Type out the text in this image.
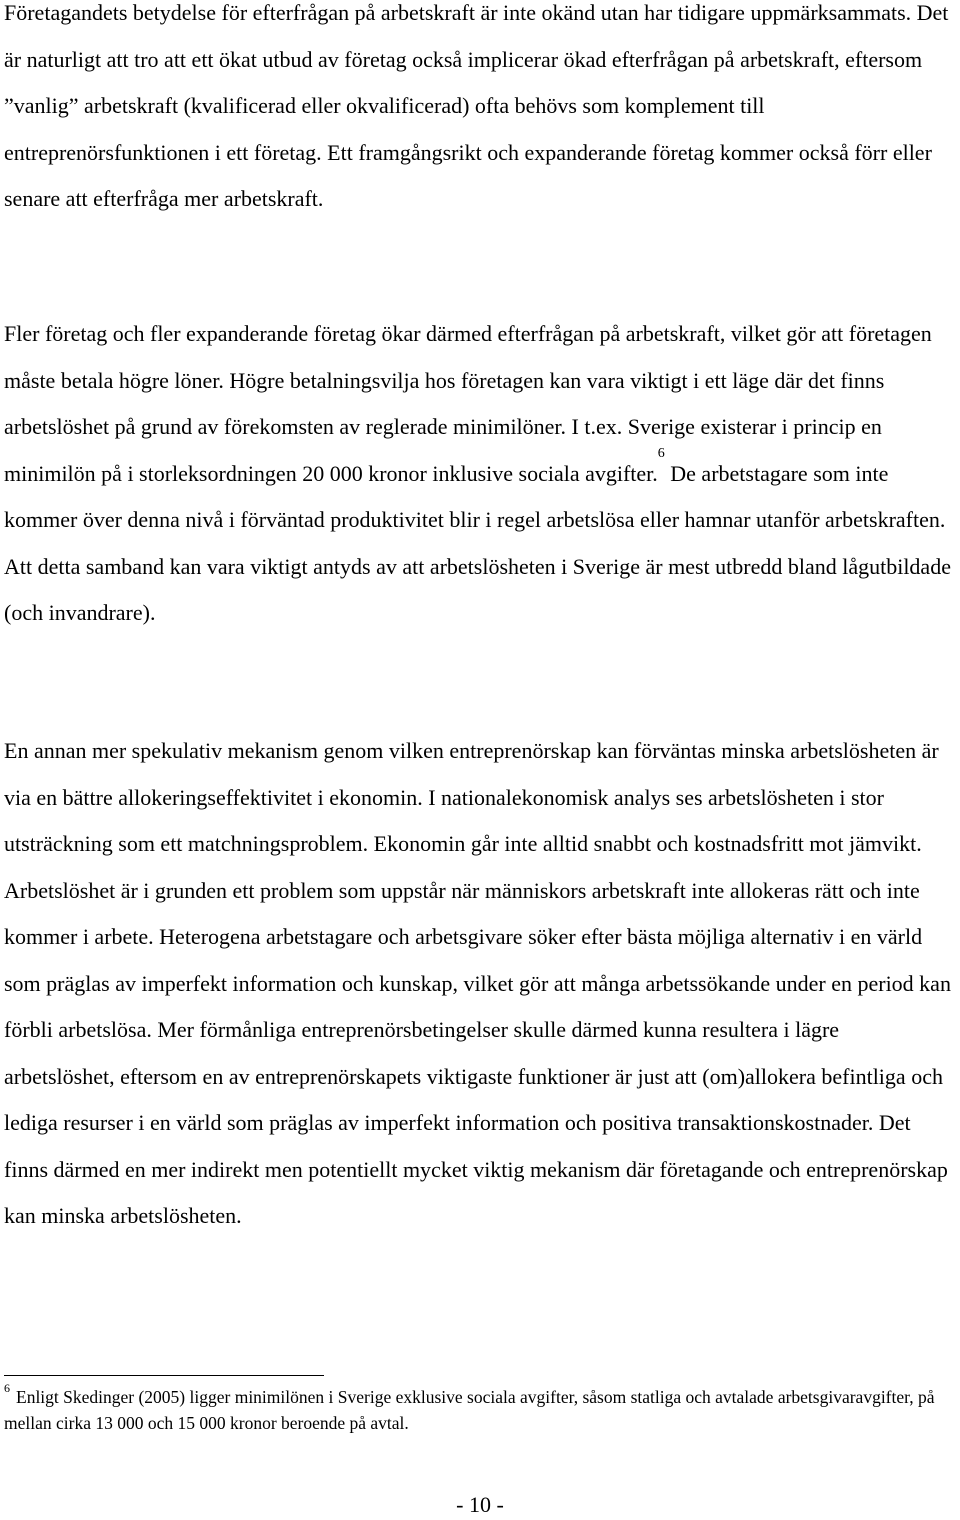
Företagandets betydelse för efterfrågan på arbetskraft är inte okänd utan har tidigare uppmärksammats. Det är naturligt att tro att ett ökat utbud av företag också implicerar ökad efterfrågan på arbetskraft, eftersom ”vanlig” arbetskraft (kvalificerad eller okvalificerad) ofta behövs som komplement till entreprenörsfunktionen i ett företag. Ett framgångsrikt och expanderande företag kommer också förr eller senare att efterfråga mer arbetskraft.

Fler företag och fler expanderande företag ökar därmed efterfrågan på arbetskraft, vilket gör att företagen måste betala högre löner. Högre betalningsvilja hos företagen kan vara viktigt i ett läge där det finns arbetslöshet på grund av förekomsten av reglerade minimilöner. I t.ex. Sverige existerar i princip en minimilön på i storleksordningen 20 000 kronor inklusive sociala avgifter.$^6$ De arbetstagare som inte kommer över denna nivå i förväntad produktivitet blir i regel arbetslösa eller hamnar utanför arbetskraften. Att detta samband kan vara viktigt antyds av att arbetslösheten i Sverige är mest utbredd bland lågutbildade (och invandrare).

En annan mer spekulativ mekanism genom vilken entreprenörskap kan förväntas minska arbetslösheten är via en bättre allokeringseffektivitet i ekonomin. I nationalekonomisk analys ses arbetslösheten i stor utsträckning som ett matchningsproblem. Ekonomin går inte alltid snabbt och kostnadsfritt mot jämvikt. Arbetslöshet är i grunden ett problem som uppstår när människors arbetskraft inte allokeras rätt och inte kommer i arbete. Heterogena arbetstagare och arbetsgivare söker efter bästa möjliga alternativ i en värld som präglas av imperfekt information och kunskap, vilket gör att många arbetssökande under en period kan förbli arbetslösa. Mer förmånliga entreprenörsbetingelser skulle därmed kunna resultera i lägre arbetslöshet, eftersom en av entreprenörskapets viktigaste funktioner är just att (om)allokera befintliga och lediga resurser i en värld som präglas av imperfekt information och positiva transaktionskostnader. Det finns därmed en mer indirekt men potentiellt mycket viktig mekanism där företagande och entreprenörskap kan minska arbetslösheten.

$^6$ Enligt Skedinger (2005) ligger minimilönen i Sverige exklusive sociala avgifter, såsom statliga och avtalade arbetsgivaravgifter, på mellan cirka 13 000 och 15 000 kronor beroende på avtal.

- 10 -
